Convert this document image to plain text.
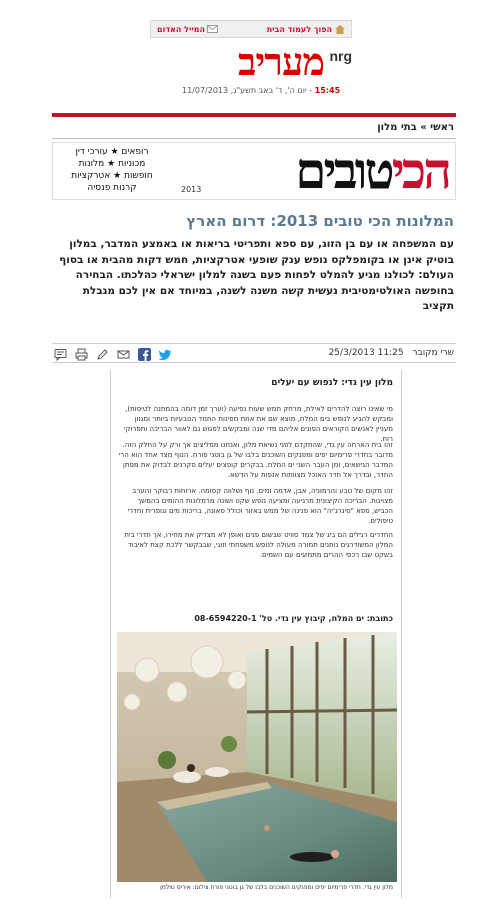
הפוך לעמוד הבית
המייל האדום
מעריב nrg
15:45 - יום ה', ד' באב תשע"ג, 11/07/2013
ראשי » בתי מלון
הכיטובים
2013
רופאים ★ עורכי דין
מכוניות ★ מלונות
חופשות ★ אטרקציות
קרנות פנסיה
המלונות הכי טובים 2013: דרום הארץ
עם המשפחה או עם בן הזוג, עם ספא ותפריטי בריאות או באמצע המדבר, במלון בוטיק אינן או בקומפלקס נופש ענק שופעי אטרקציות, חמש דקות מהבית או בסוף העולם: לכולנו מגיע להמלט לפחות פעם בשנה למלון ישראלי כהלכתו. הבחירה בחופשה האולטימטיבית נעשית קשה משנה לשנה, במיוחד אם אין לכם מגבלת תקציב
שרי מקובר 11:25 25/3/2013
מלון עין גדי: לנפוש עם יעלים
מי שאינו רוצה להדרים לאילת, מרחק חמש שעות נסיעה (וערך זמן דומה בהמתנה לטיסות), ומבקש להגיע לנופש בים המלח, מוצא שם את אחת מפינות החמד הטבעיות ביותר ומגוון מעניין לאנשים הקוראים הפונים אליהם מדי שנה ומבקשים לפגוש גם לאוור הבריכה ותפרוקי רוח.
זהו בית הארחה עין גדי, שהתקדם לפני נשיאת מלון, ואנחנו ממליצים אך ורק על החלק הזה. מדובר בחדרי פרימיום יפים ומפנקים השוכנים בלבו של גן בוטני פורח. הנוף מצד אחד הוא הרי המדבר הגישאים, ומן העבר השני ים המלח. בבקרים קופצים יעלים סקרנים לבדוק את מפתן החדר, ובדרך אל חדר האוכל מצוותות אנפות על הדשא.
זהו מקום של טבע והרמוניה, אבן, אדמה ומים. נוף ושלווה קסומה. ארוחות רבוקר והערב מצוינות. הבריכה הקיצונית מרגיעה ומציעה נופש שקט ושונה מרמלונות ההומים בהמשך הכביש, ספא "סינרג'יה" הוא פנינה של ממש באזור וכולל סאונה, בריכות מים וגופרית וחדרי טיפולים.
החדרים רגילים הם ביג של צמד סוויט שבשום פנים ואופן לא מצדיק את מחירו, אך חדרי בית המלון המשודרגים נותנים תמורה מעולה לנופש משפחתי וזוגי, שבבקשר ללכת קצת לאיבוד בשקט שבו רכסי ההרים מתמזגים עם השמים.
כתובת: ים המלח, קיבוץ עין גדי. טל' 08-6594220-1
מלון עין גדי. חדרי פרימיום יפים ומפנקים השוכנים בלבו של גן בוטני פורח צילום: איריס טולמן
